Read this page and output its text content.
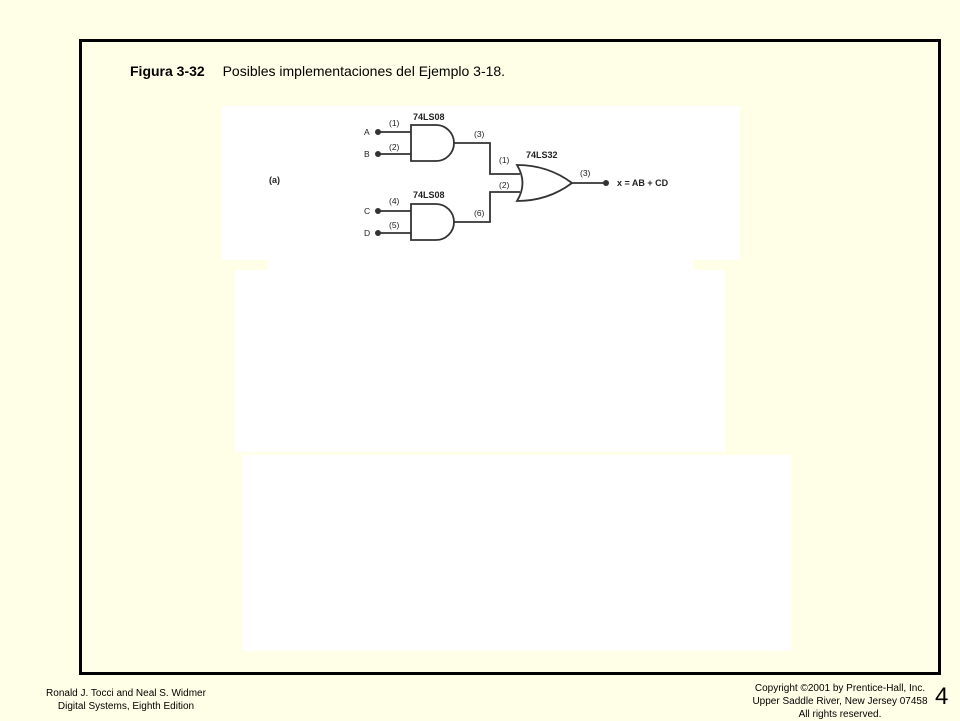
Figura 3-32 Posibles implementaciones del Ejemplo 3-18.
(a)
A
B
C
D
(1)
(2)
(4)
(5)
74LS08
74LS08
74LS32
(3)
(6)
(1)
(2)
(3)
x = AB + CD
Ronald J. Tocci and Neal S. Widmer
Digital Systems, Eighth Edition
Copyright ©2001 by Prentice-Hall, Inc.
Upper Saddle River, New Jersey 07458
All rights reserved.
4
